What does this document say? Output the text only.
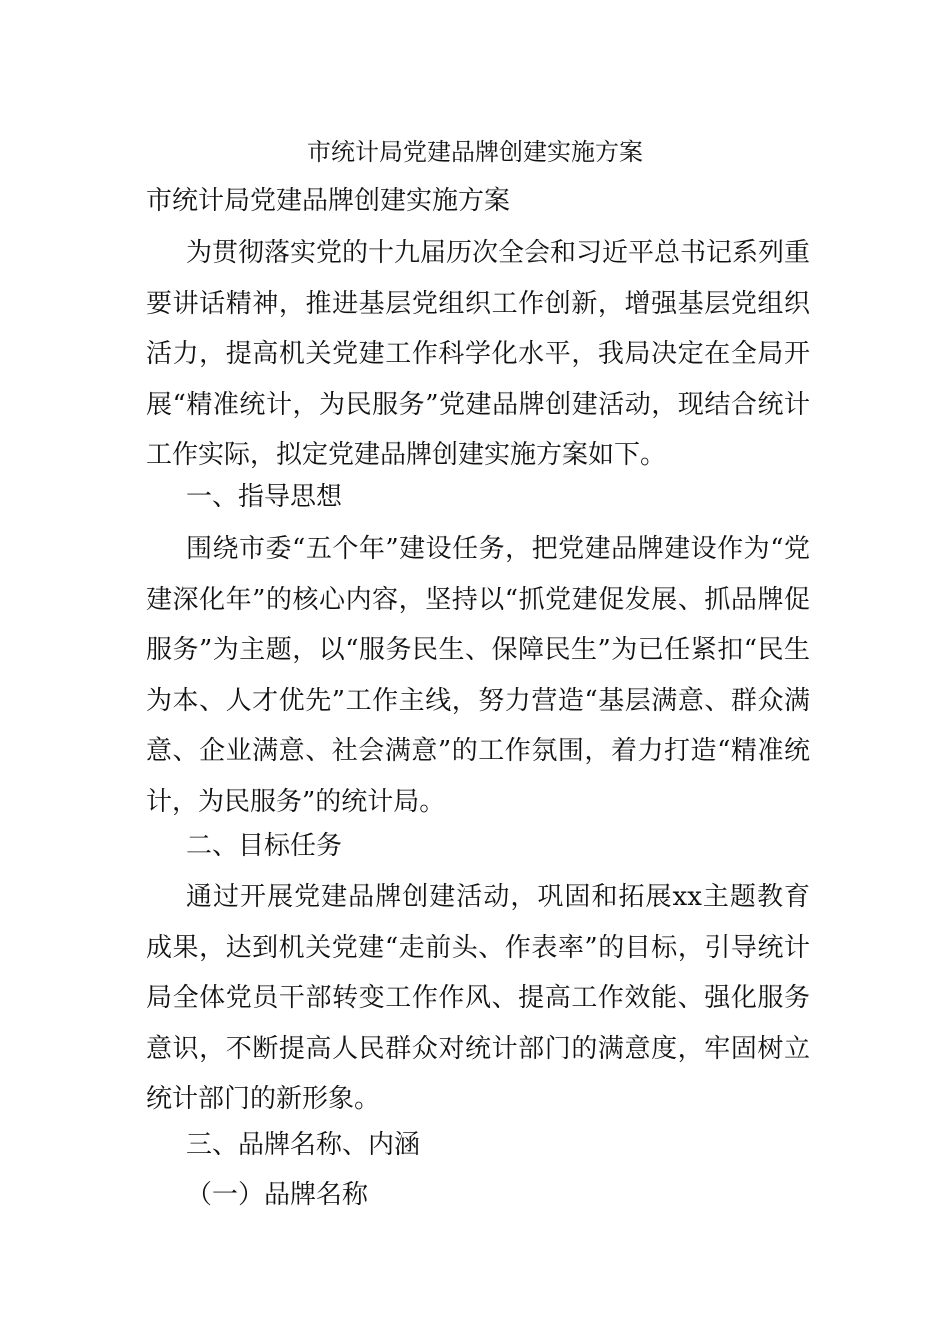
市统计局党建品牌创建实施方案
市统计局党建品牌创建实施方案

为贯彻落实党的十九届历次全会和习近平总书记系列重要讲话精神，推进基层党组织工作创新，增强基层党组织活力，提高机关党建工作科学化水平，我局决定在全局开展“精准统计，为民服务”党建品牌创建活动，现结合统计工作实际，拟定党建品牌创建实施方案如下。

一、指导思想

围绕市委“五个年”建设任务，把党建品牌建设作为“党建深化年”的核心内容，坚持以“抓党建促发展、抓品牌促服务”为主题，以“服务民生、保障民生”为已任紧扣“民生为本、人才优先”工作主线，努力营造“基层满意、群众满意、企业满意、社会满意”的工作氛围，着力打造“精准统计，为民服务”的统计局。

二、目标任务

通过开展党建品牌创建活动，巩固和拓展xx主题教育成果，达到机关党建“走前头、作表率”的目标，引导统计局全体党员干部转变工作作风、提高工作效能、强化服务意识，不断提高人民群众对统计部门的满意度，牢固树立统计部门的新形象。

三、品牌名称、内涵

（一）品牌名称
